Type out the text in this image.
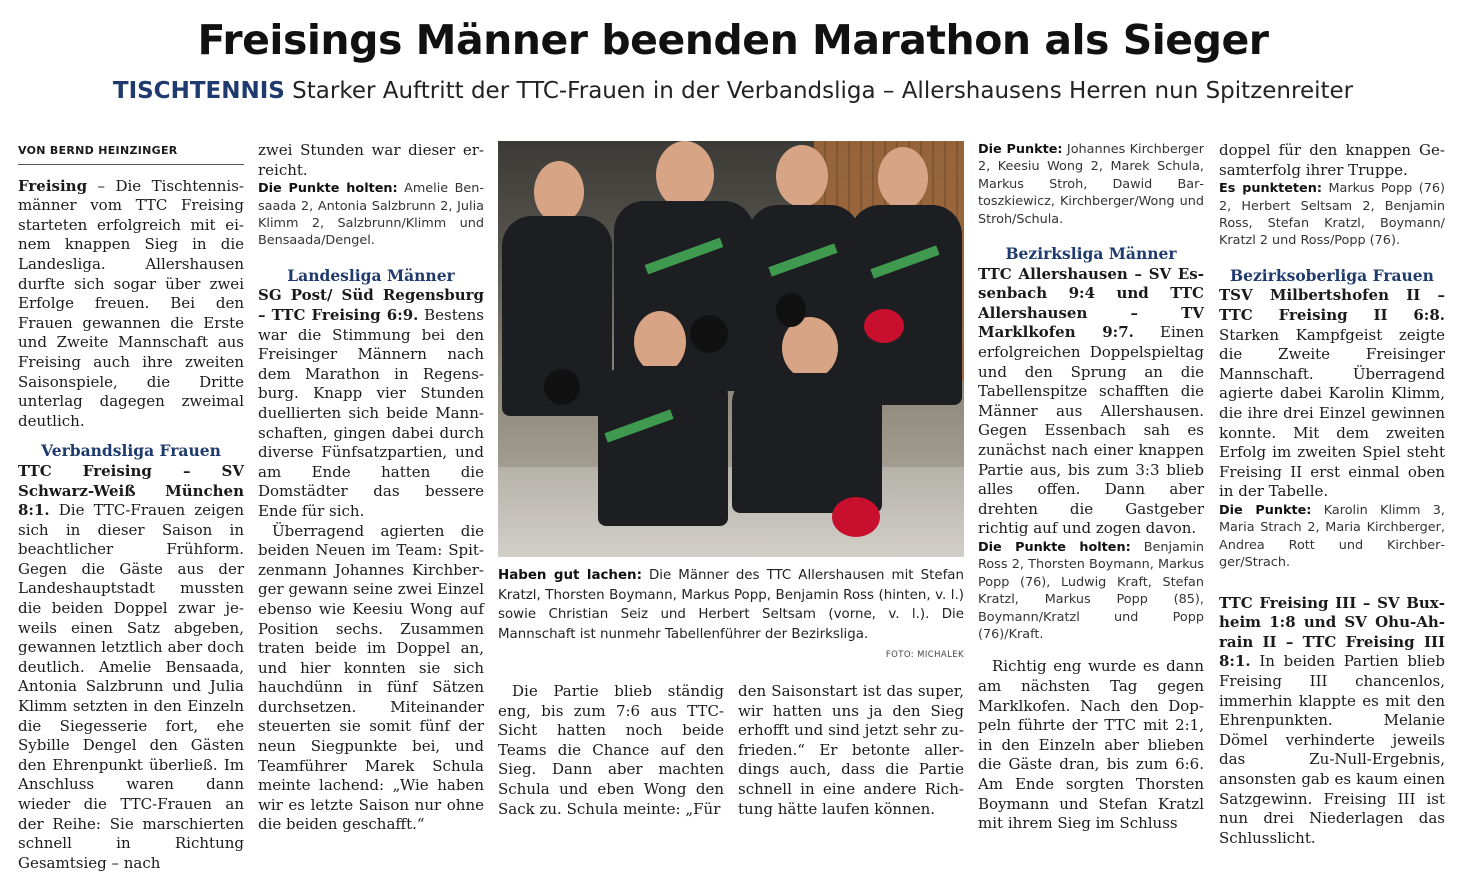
Freisings Männer beenden Marathon als Sieger
TISCHTENNIS Starker Auftritt der TTC-Frauen in der Verbandsliga – Allershausens Herren nun Spitzenreiter
VON BERND HEINZINGER

Freising – Die Tischtennismänner vom TTC Freising starteten erfolgreich mit einem knappen Sieg in die Landesliga. Allershausen durfte sich sogar über zwei Erfolge freuen. Bei den Frauen gewannen die Erste und Zweite Mannschaft aus Freising auch ihre zweiten Saisonspiele, die Dritte unterlag dagegen zweimal deutlich.

Verbandsliga Frauen

TTC Freising – SV Schwarz-Weiß München 8:1. Die TTC-Frauen zeigen sich in dieser Saison in beachtlicher Frühform. Gegen die Gäste aus der Landeshauptstadt mussten die beiden Doppel zwar jeweils einen Satz abgeben, gewannen letztlich aber doch deutlich. Amelie Bensaada, Antonia Salzbrunn und Julia Klimm setzten in den Einzeln die Siegesserie fort, ehe Sybille Dengel den Gästen den Ehrenpunkt überließ. Im Anschluss waren dann wieder die TTC-Frauen an der Reihe: Sie marschierten schnell in Richtung Gesamtsieg – nach

zwei Stunden war dieser erreicht.

Die Punkte holten: Amelie Bensaada 2, Antonia Salzbrunn 2, Julia Klimm 2, Salzbrunn/Klimm und Bensaada/Dengel.

Landesliga Männer

SG Post/ Süd Regensburg – TTC Freising 6:9. Bestens war die Stimmung bei den Freisinger Männern nach dem Marathon in Regensburg. Knapp vier Stunden duellierten sich beide Mannschaften, gingen dabei durch diverse Fünfsatzpartien, und am Ende hatten die Domstädter das bessere Ende für sich.

Überragend agierten die beiden Neuen im Team: Spitzenmann Johannes Kirchberger gewann seine zwei Einzel ebenso wie Keesiu Wong auf Position sechs. Zusammen traten beide im Doppel an, und hier konnten sie sich hauchdünn in fünf Sätzen durchsetzen. Miteinander steuerten sie somit fünf der neun Siegpunkte bei, und Teamführer Marek Schula meinte lachend: „Wie haben wir es letzte Saison nur ohne die beiden geschafft.“

Haben gut lachen: Die Männer des TTC Allershausen mit Stefan Kratzl, Thorsten Boymann, Markus Popp, Benjamin Ross (hinten, v. l.) sowie Christian Seiz und Herbert Seltsam (vorne, v. l.). Die Mannschaft ist nunmehr Tabellenführer der Bezirksliga.
FOTO: MICHALEK

Die Partie blieb ständig eng, bis zum 7:6 aus TTC-Sicht hatten noch beide Teams die Chance auf den Sieg. Dann aber machten Schula und eben Wong den Sack zu. Schula meinte: „Für

den Saisonstart ist das super, wir hatten uns ja den Sieg erhofft und sind jetzt sehr zufrieden.“ Er betonte allerdings auch, dass die Partie schnell in eine andere Richtung hätte laufen können.

Die Punkte: Johannes Kirchberger 2, Keesiu Wong 2, Marek Schula, Markus Stroh, Dawid Bartoszkiewicz, Kirchberger/Wong und Stroh/Schula.

Bezirksliga Männer

TTC Allershausen – SV Essenbach 9:4 und TTC Allershausen – TV Marklkofen 9:7. Einen erfolgreichen Doppelspieltag und den Sprung an die Tabellenspitze schafften die Männer aus Allershausen. Gegen Essenbach sah es zunächst nach einer knappen Partie aus, bis zum 3:3 blieb alles offen. Dann aber drehten die Gastgeber richtig auf und zogen davon.

Die Punkte holten: Benjamin Ross 2, Thorsten Boymann, Markus Popp (76), Ludwig Kraft, Stefan Kratzl, Markus Popp (85), Boymann/Kratzl und Popp (76)/Kraft.

Richtig eng wurde es dann am nächsten Tag gegen Marklkofen. Nach den Doppeln führte der TTC mit 2:1, in den Einzeln aber blieben die Gäste dran, bis zum 6:6. Am Ende sorgten Thorsten Boymann und Stefan Kratzl mit ihrem Sieg im Schluss

doppel für den knappen Gesamterfolg ihrer Truppe.

Es punkteten: Markus Popp (76) 2, Herbert Seltsam 2, Benjamin Ross, Stefan Kratzl, Boymann/ Kratzl 2 und Ross/Popp (76).

Bezirksoberliga Frauen

TSV Milbertshofen II – TTC Freising II 6:8. Starken Kampfgeist zeigte die Zweite Freisinger Mannschaft. Überragend agierte dabei Karolin Klimm, die ihre drei Einzel gewinnen konnte. Mit dem zweiten Erfolg im zweiten Spiel steht Freising II erst einmal oben in der Tabelle.

Die Punkte: Karolin Klimm 3, Maria Strach 2, Maria Kirchberger, Andrea Rott und Kirchberger/Strach.

TTC Freising III – SV Buxheim 1:8 und SV Ohu-Ahrain II – TTC Freising III 8:1. In beiden Partien blieb Freising III chancenlos, immerhin klappte es mit den Ehrenpunkten. Melanie Dömel verhinderte jeweils das Zu-Null-Ergebnis, ansonsten gab es kaum einen Satzgewinn. Freising III ist nun drei Niederlagen das Schlusslicht.
